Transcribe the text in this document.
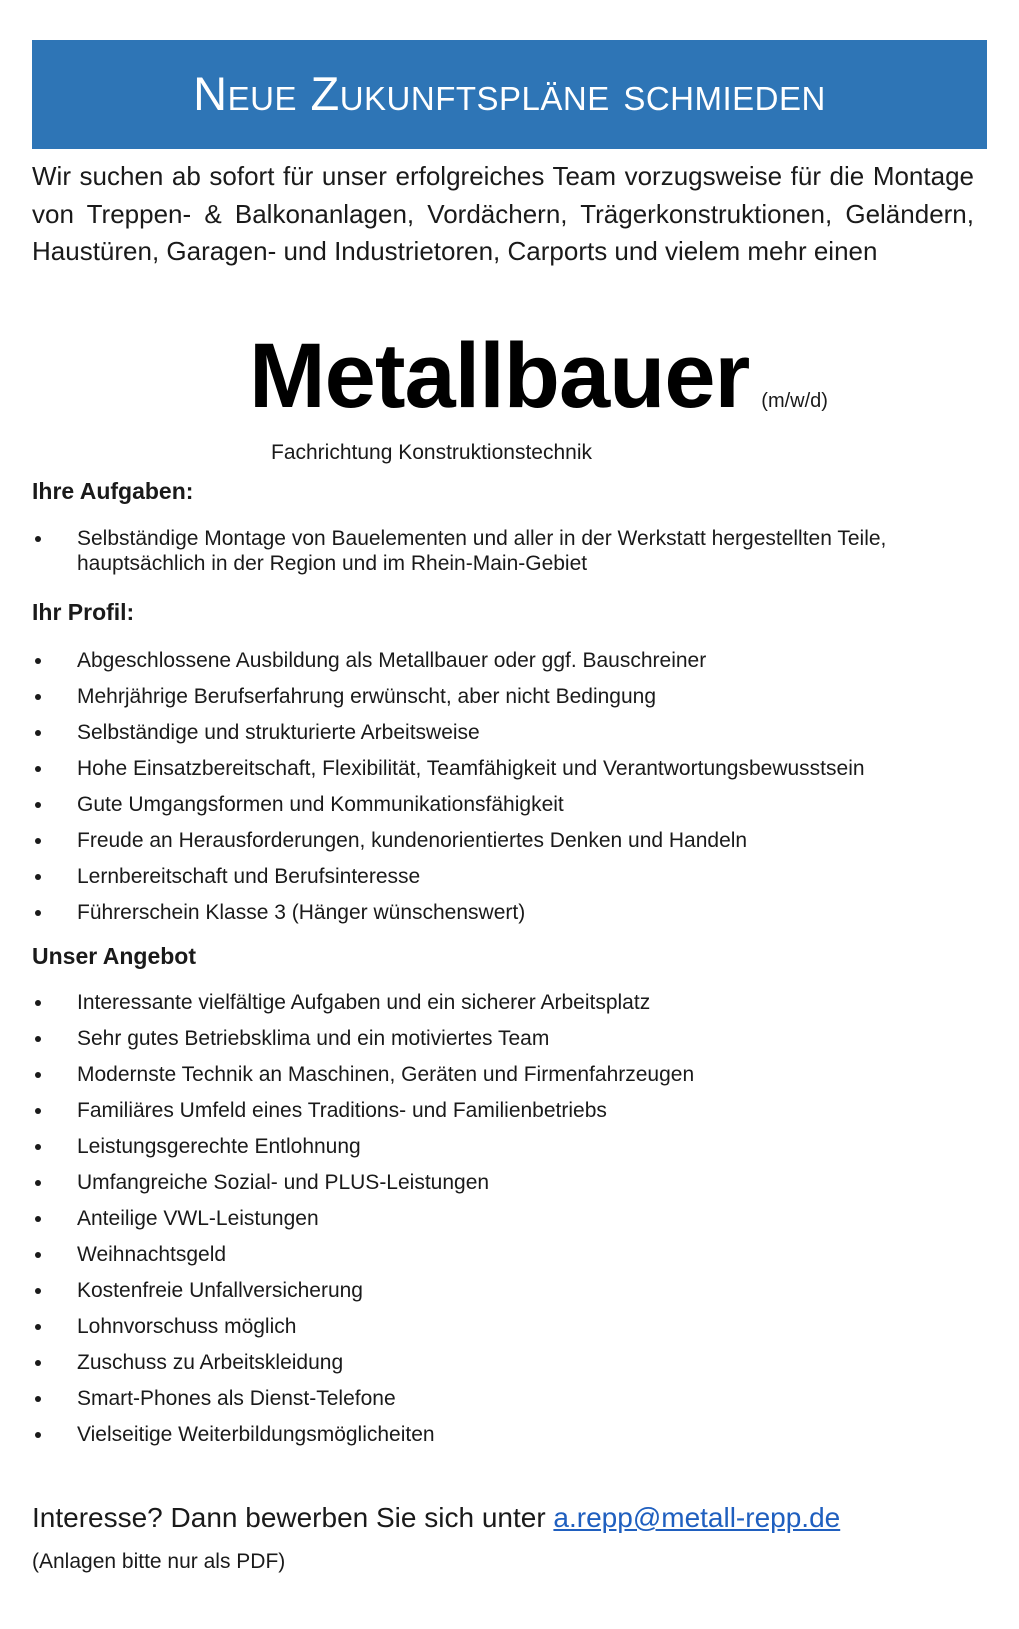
Neue Zukunftspläne schmieden

Wir suchen ab sofort für unser erfolgreiches Team vorzugsweise für die Montage von Treppen- & Balkonanlagen, Vordächern, Trägerkonstruktionen, Geländern, Haustüren, Garagen- und Industrietoren, Carports und vielem mehr einen

Metallbauer (m/w/d)

Fachrichtung Konstruktionstechnik

Ihre Aufgaben:
Selbständige Montage von Bauelementen und aller in der Werkstatt hergestellten Teile, hauptsächlich in der Region und im Rhein-Main-Gebiet
Ihr Profil:
Abgeschlossene Ausbildung als Metallbauer oder ggf. Bauschreiner
Mehrjährige Berufserfahrung erwünscht, aber nicht Bedingung
Selbständige und strukturierte Arbeitsweise
Hohe Einsatzbereitschaft, Flexibilität, Teamfähigkeit und Verantwortungsbewusstsein
Gute Umgangsformen und Kommunikationsfähigkeit
Freude an Herausforderungen, kundenorientiertes Denken und Handeln
Lernbereitschaft und Berufsinteresse
Führerschein Klasse 3 (Hänger wünschenswert)
Unser Angebot
Interessante vielfältige Aufgaben und ein sicherer Arbeitsplatz
Sehr gutes Betriebsklima und ein motiviertes Team
Modernste Technik an Maschinen, Geräten und Firmenfahrzeugen
Familiäres Umfeld eines Traditions- und Familienbetriebs
Leistungsgerechte Entlohnung
Umfangreiche Sozial- und PLUS-Leistungen
Anteilige VWL-Leistungen
Weihnachtsgeld
Kostenfreie Unfallversicherung
Lohnvorschuss möglich
Zuschuss zu Arbeitskleidung
Smart-Phones als Dienst-Telefone
Vielseitige Weiterbildungsmöglicheiten

Interesse? Dann bewerben Sie sich unter a.repp@metall-repp.de

(Anlagen bitte nur als PDF)
